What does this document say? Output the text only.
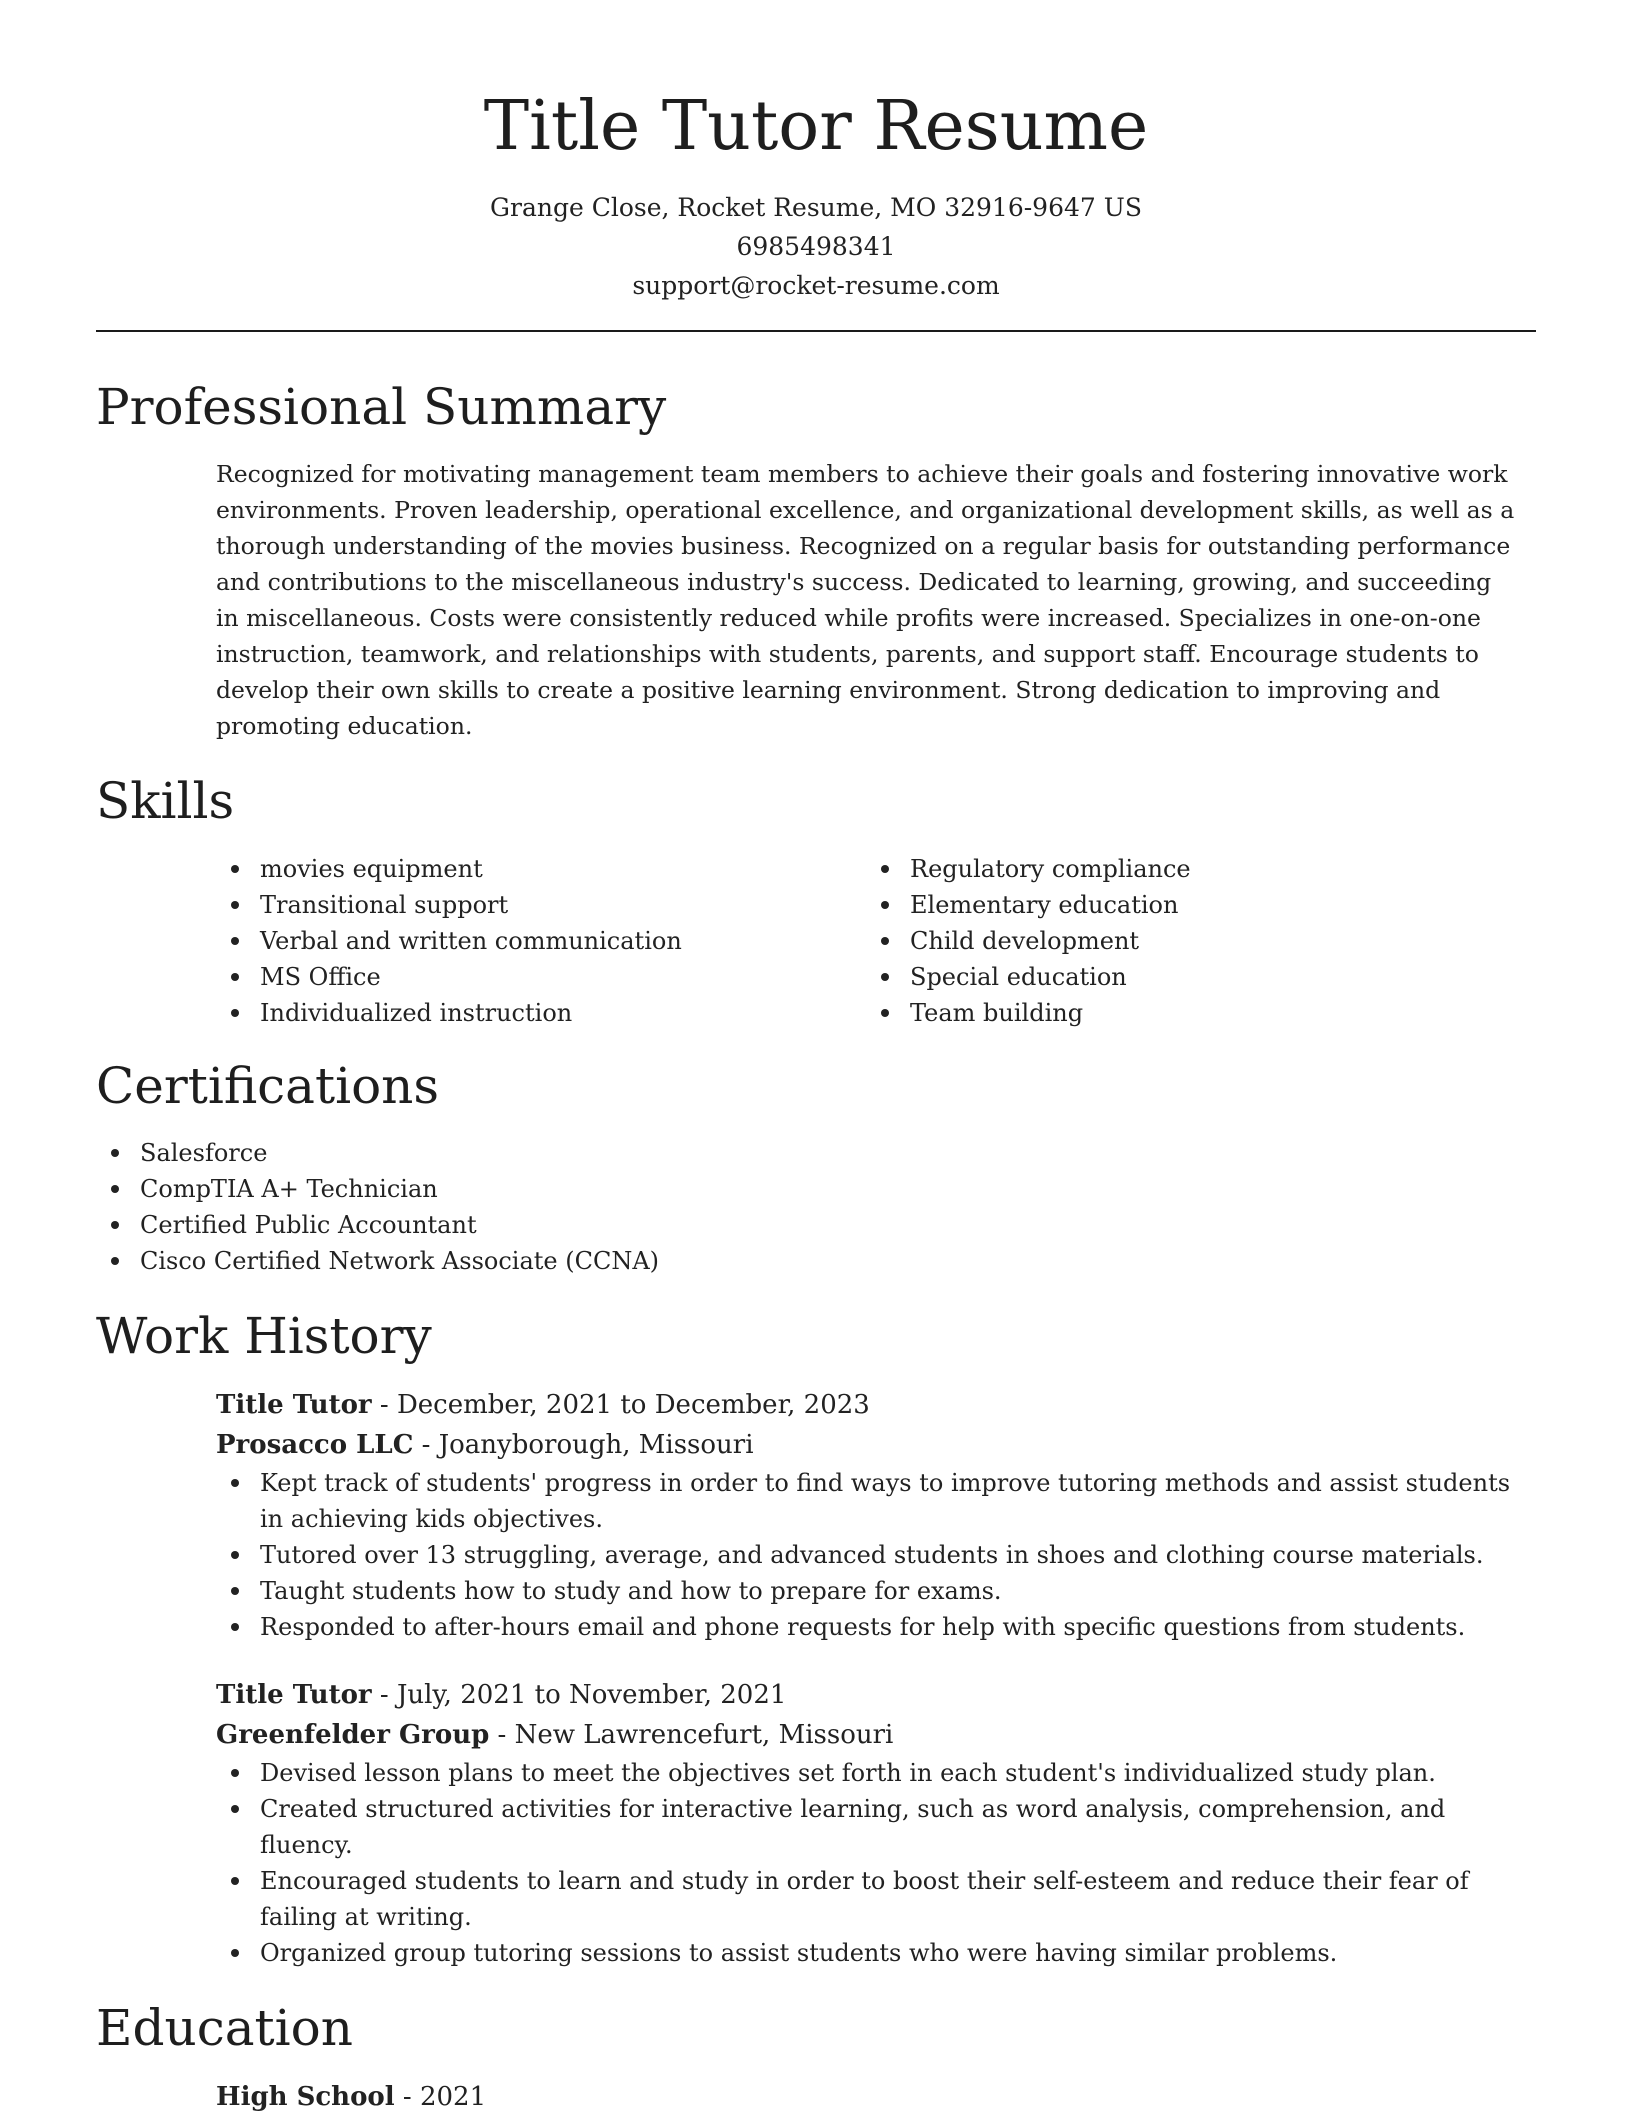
Title Tutor Resume
Grange Close, Rocket Resume, MO 32916-9647 US
6985498341
support@rocket-resume.com
Professional Summary

Recognized for motivating management team members to achieve their goals and fostering innovative work environments. Proven leadership, operational excellence, and organizational development skills, as well as a thorough understanding of the movies business. Recognized on a regular basis for outstanding performance and contributions to the miscellaneous industry's success. Dedicated to learning, growing, and succeeding in miscellaneous. Costs were consistently reduced while profits were increased. Specializes in one-on-one instruction, teamwork, and relationships with students, parents, and support staff. Encourage students to develop their own skills to create a positive learning environment. Strong dedication to improving and promoting education.

Skills
movies equipment
Transitional support
Verbal and written communication
MS Office
Individualized instruction
Regulatory compliance
Elementary education
Child development
Special education
Team building
Certifications
Salesforce
CompTIA A+ Technician
Certified Public Accountant
Cisco Certified Network Associate (CCNA)
Work History
Title Tutor - December, 2021 to December, 2023
Prosacco LLC - Joanyborough, Missouri
Kept track of students' progress in order to find ways to improve tutoring methods and assist students in achieving kids objectives.
Tutored over 13 struggling, average, and advanced students in shoes and clothing course materials.
Taught students how to study and how to prepare for exams.
Responded to after-hours email and phone requests for help with specific questions from students.
Title Tutor - July, 2021 to November, 2021
Greenfelder Group - New Lawrencefurt, Missouri
Devised lesson plans to meet the objectives set forth in each student's individualized study plan.
Created structured activities for interactive learning, such as word analysis, comprehension, and fluency.
Encouraged students to learn and study in order to boost their self-esteem and reduce their fear of failing at writing.
Organized group tutoring sessions to assist students who were having similar problems.
Education
High School - 2021
